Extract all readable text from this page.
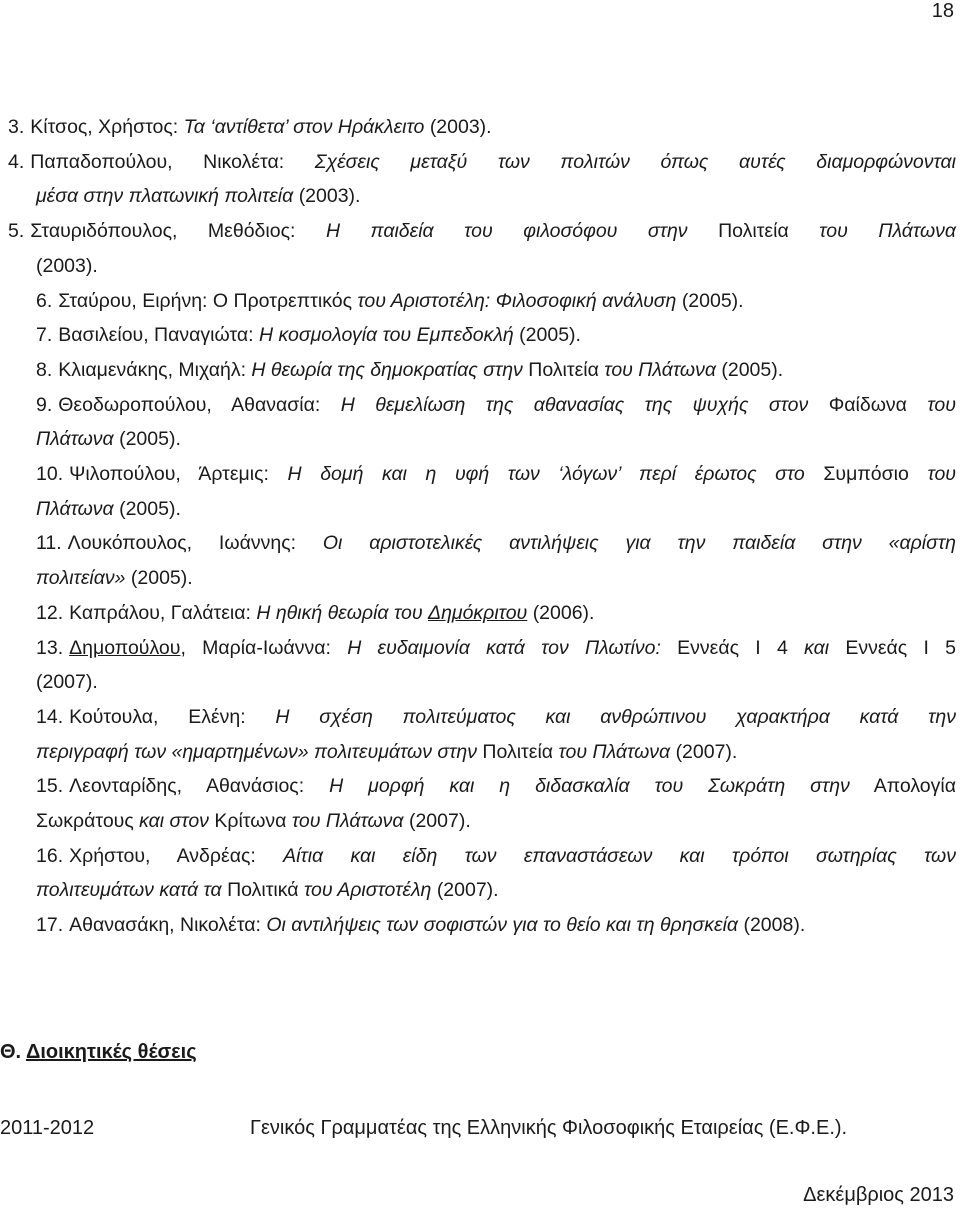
18
3. Κίτσος, Χρήστος: Τα ‘αντίθετα’ στον Ηράκλειτο (2003).
4. Παπαδοπούλου, Νικολέτα: Σχέσεις μεταξύ των πολιτών όπως αυτές διαμορφώνονται
μέσα στην πλατωνική πολιτεία (2003).
5. Σταυριδόπουλος, Μεθόδιος: Η παιδεία του φιλοσόφου στην Πολιτεία του Πλάτωνα
(2003).
6. Σταύρου, Ειρήνη: Ο Προτρεπτικός του Αριστοτέλη: Φιλοσοφική ανάλυση (2005).
7. Βασιλείου, Παναγιώτα: Η κοσμολογία του Εμπεδοκλή (2005).
8. Κλιαμενάκης, Μιχαήλ: Η θεωρία της δημοκρατίας στην Πολιτεία του Πλάτωνα (2005).
9. Θεοδωροπούλου, Αθανασία: Η θεμελίωση της αθανασίας της ψυχής στον Φαίδωνα του
Πλάτωνα (2005).
10. Ψιλοπούλου, Άρτεμις: Η δομή και η υφή των ‘λόγων’ περί έρωτος στο Συμπόσιο του
Πλάτωνα (2005).
11. Λουκόπουλος, Ιωάννης: Οι αριστοτελικές αντιλήψεις για την παιδεία στην «αρίστη
πολιτείαν» (2005).
12. Καπράλου, Γαλάτεια: Η ηθική θεωρία του Δημόκριτου (2006).
13. Δημοπούλου, Μαρία-Ιωάννα: Η ευδαιμονία κατά τον Πλωτίνο: Εννεάς Ι 4 και Εννεάς Ι 5
(2007).
14. Κούτουλα, Ελένη: Η σχέση πολιτεύματος και ανθρώπινου χαρακτήρα κατά την
περιγραφή των «ημαρτημένων» πολιτευμάτων στην Πολιτεία του Πλάτωνα (2007).
15. Λεονταρίδης, Αθανάσιος: Η μορφή και η διδασκαλία του Σωκράτη στην Απολογία
Σωκράτους και στον Κρίτωνα του Πλάτωνα (2007).
16. Χρήστου, Ανδρέας: Αίτια και είδη των επαναστάσεων και τρόποι σωτηρίας των
πολιτευμάτων κατά τα Πολιτικά του Αριστοτέλη (2007).
17. Αθανασάκη, Νικολέτα: Οι αντιλήψεις των σοφιστών για το θείο και τη θρησκεία (2008).
Θ. Διοικητικές θέσεις
2011-2012	Γενικός Γραμματέας της Ελληνικής Φιλοσοφικής Εταιρείας (Ε.Φ.Ε.).
Δεκέμβριος 2013
